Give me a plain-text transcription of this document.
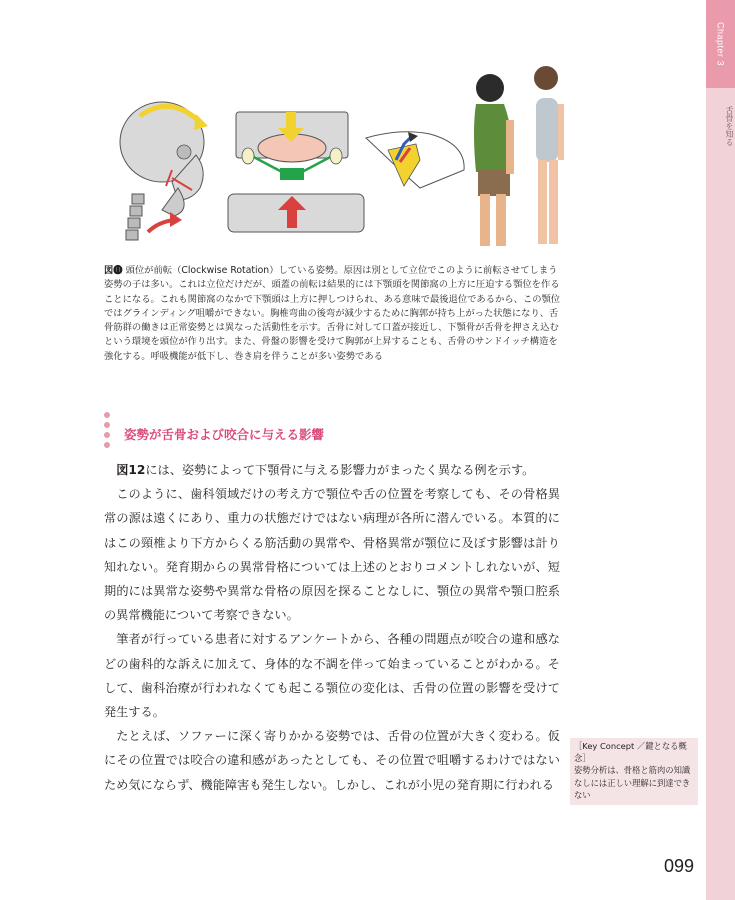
Chapter 3
舌骨を知る
図⓫ 頭位が前転（Clockwise Rotation）している姿勢。原因は別として立位でこのように前転させてしまう姿勢の子は多い。これは立位だけだが、頭蓋の前転は結果的には下顎頭を関節窩の上方に圧迫する顎位を作ることになる。これも関節窩のなかで下顎頭は上方に押しつけられ、ある意味で最後退位であるから、この顎位ではグラインディング咀嚼ができない。胸椎弯曲の後弯が減少するために胸郭が持ち上がった状態になり、舌骨筋群の働きは正常姿勢とは異なった活動性を示す。舌骨に対して口蓋が接近し、下顎骨が舌骨を押さえ込むという環境を頭位が作り出す。また、骨盤の影響を受けて胸郭が上昇することも、舌骨のサンドイッチ構造を強化する。呼吸機能が低下し、巻き肩を伴うことが多い姿勢である
姿勢が舌骨および咬合に与える影響

図12には、姿勢によって下顎骨に与える影響力がまったく異なる例を示す。

このように、歯科領域だけの考え方で顎位や舌の位置を考察しても、その骨格異常の源は遠くにあり、重力の状態だけではない病理が各所に潜んでいる。本質的にはこの頸椎より下方からくる筋活動の異常や、骨格異常が顎位に及ぼす影響は計り知れない。発育期からの異常骨格については上述のとおりコメントしれないが、短期的には異常な姿勢や異常な骨格の原因を探ることなしに、顎位の異常や顎口腔系の異常機能について考察できない。

筆者が行っている患者に対するアンケートから、各種の問題点が咬合の違和感などの歯科的な訴えに加えて、身体的な不調を伴って始まっていることがわかる。そして、歯科治療が行われなくても起こる顎位の変化は、舌骨の位置の影響を受けて発生する。

たとえば、ソファーに深く寄りかかる姿勢では、舌骨の位置が大きく変わる。仮にその位置では咬合の違和感があったとしても、その位置で咀嚼するわけではないため気にならず、機能障害も発生しない。しかし、これが小児の発育期に行われる

［Key Concept ／鍵となる概念］
姿勢分析は、骨格と筋肉の知識なしには正しい理解に到達できない
099
